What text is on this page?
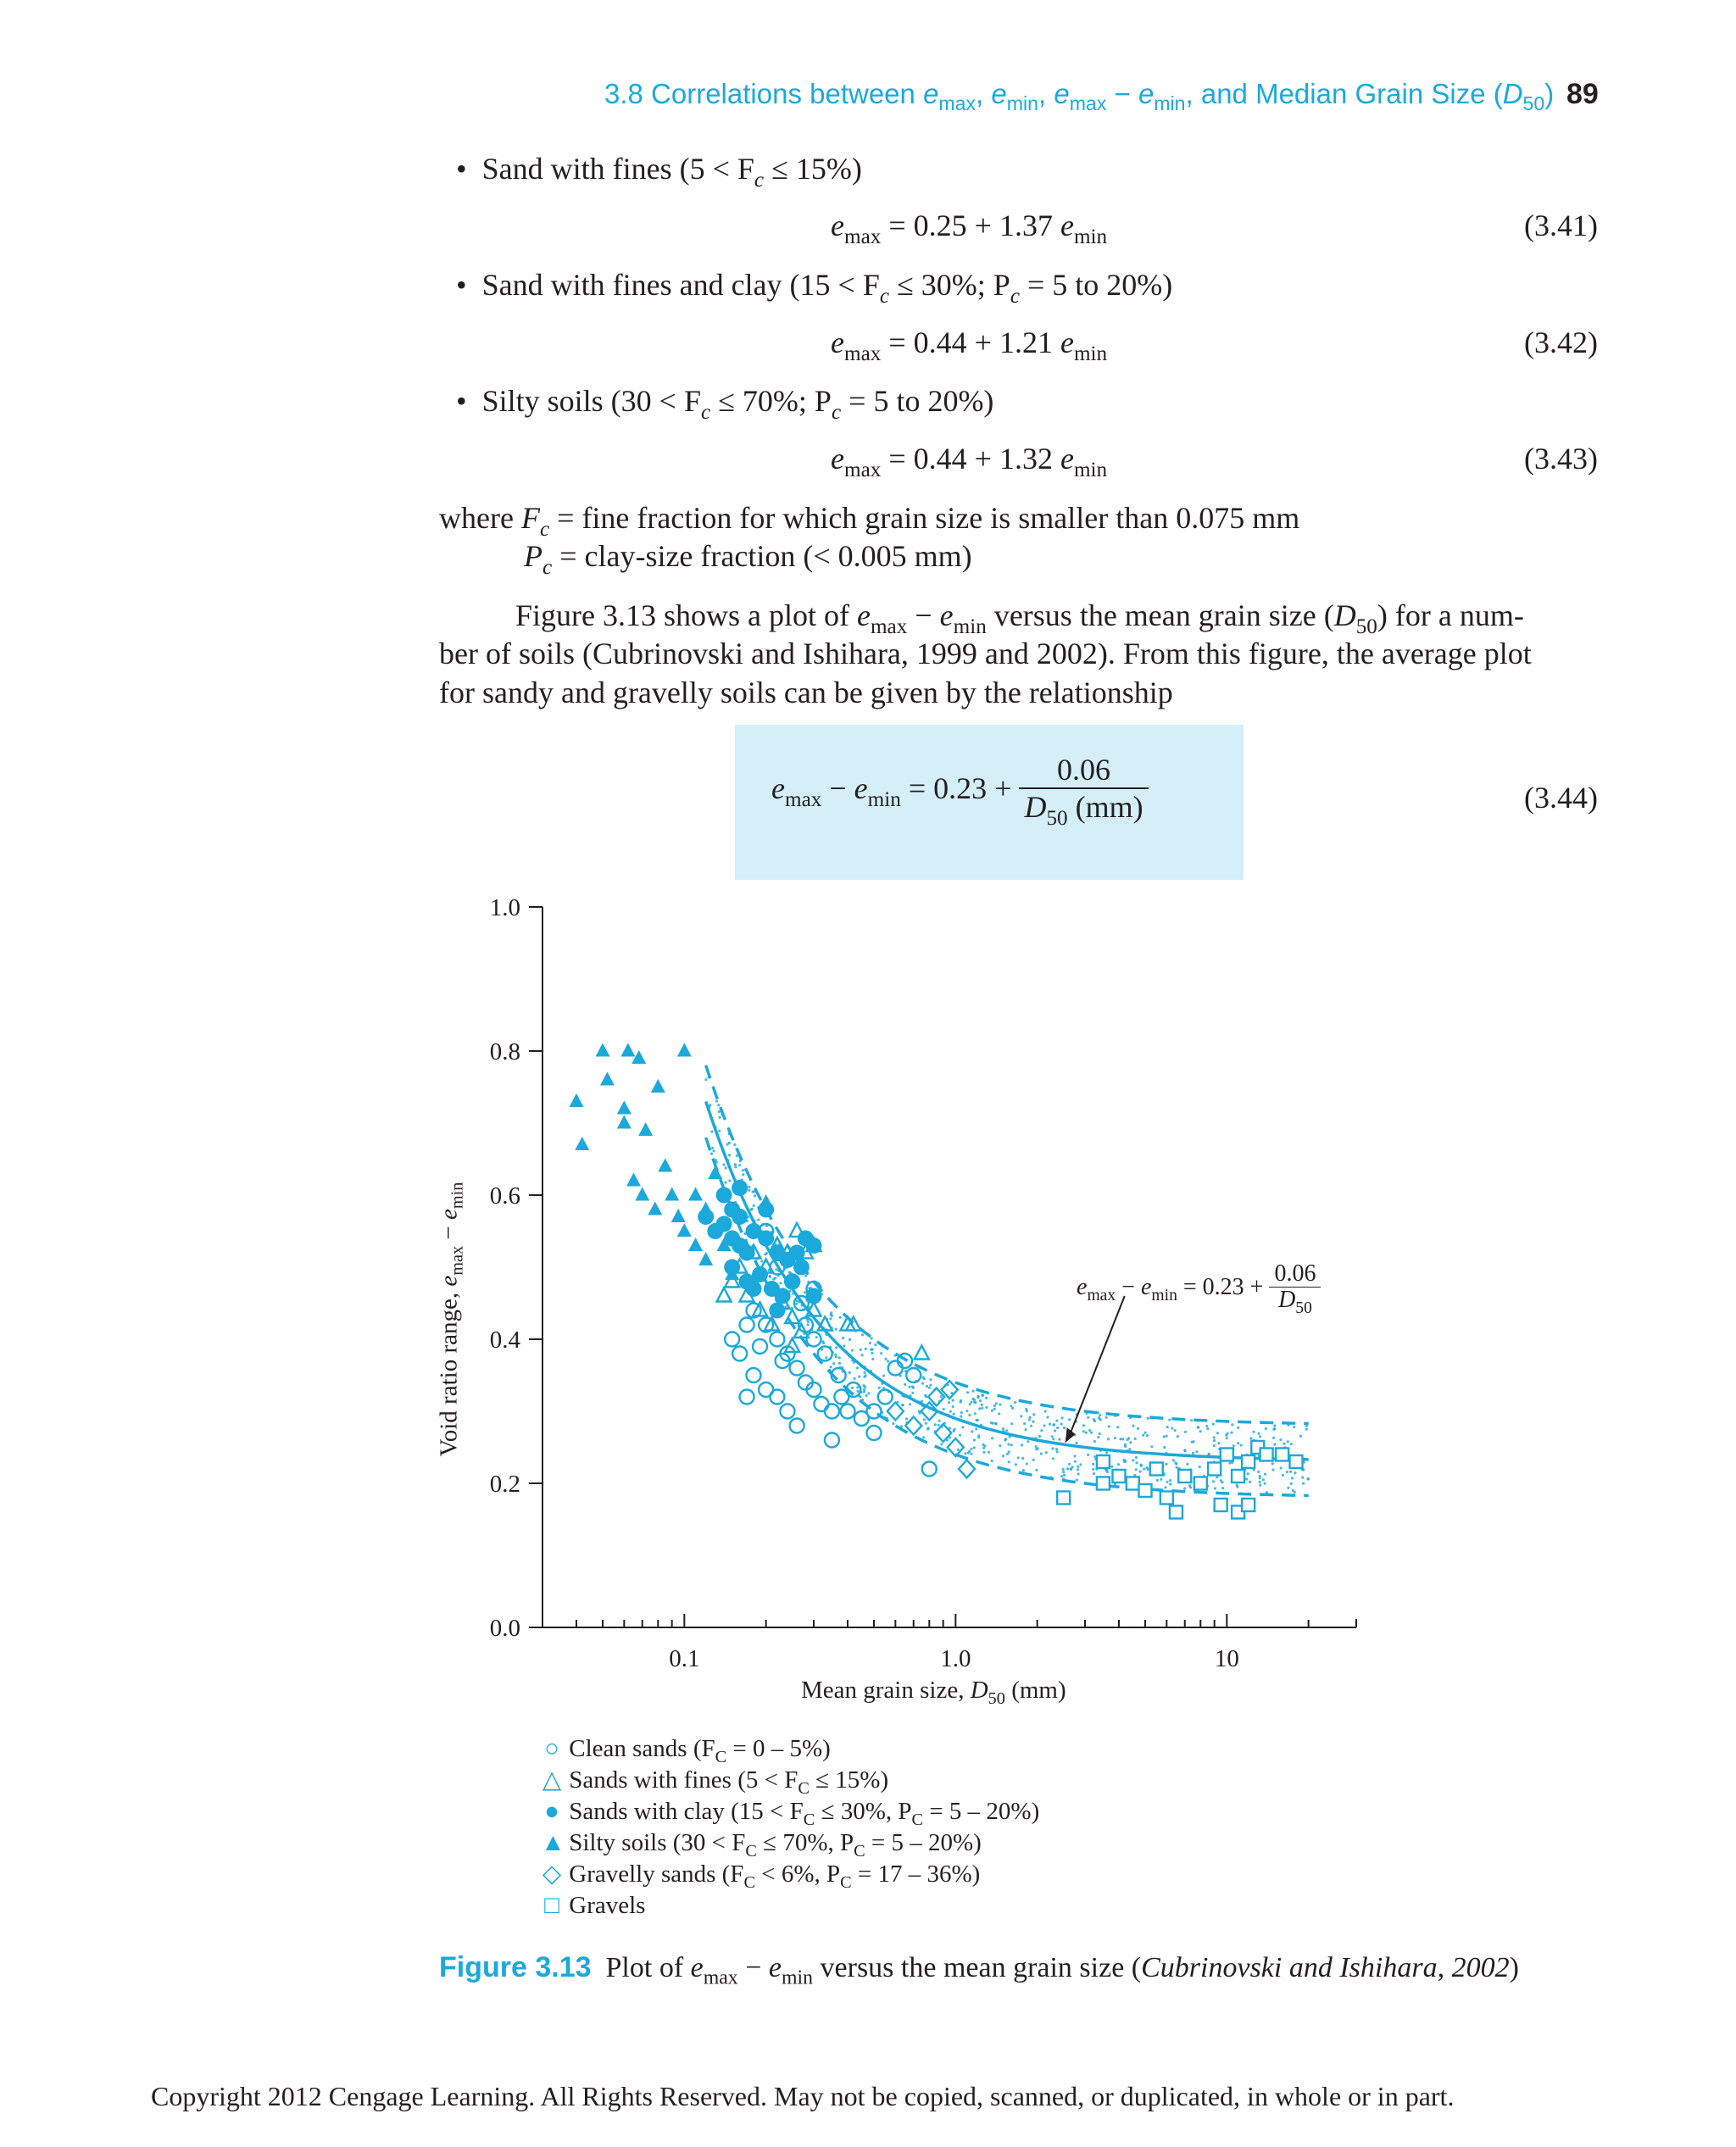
3.8 Correlations between $e_{max}$, $e_{min}$, $e_{max} - e_{min}$, and Median Grain Size $(D_{50})$ 89
• Sand with fines $(5 < F_c \le 15\%)$
$e_{max} = 0.25 + 1.37$ $e_{min}$	(3.41)
• Sand with fines and clay ($15 < F_c \le 30\%$; $P_c = 5$ to 20%)
$e_{max} = 0.44 + 1.21$ $e_{min}$	(3.42)
• Silty soils ($30 < F_c \le 70\%$; $P_c = 5$ to 20%)
$e_{max} = 0.44 + 1.32$ $e_{min}$	(3.43)
where $F_c$ = fine fraction for which grain size is smaller than 0.075 mm
$P_c$ = clay-size fraction (< 0.005 mm)
Figure 3.13 shows a plot of $e_{max} - e_{min}$ versus the mean grain size $(D_{50})$ for a num-
ber of soils (Cubrinovski and Ishihara, 1999 and 2002). From this figure, the average plot
for sandy and gravelly soils can be given by the relationship
$e_{max} - e_{min} = 0.23 + \frac{0.06}{D_{50} (mm)}$	(3.44)
0.0
0.2
0.4
0.6
0.8
1.0
0.1	1.0	10
$e_{max} - e_{min} = 0.23 + \frac{0.06}{D_{50}}$
Mean grain size, $D_{50}$ (mm)
Void ratio range, $e_{max} - e_{min}$
○ Clean sands $(F_C = 0 - 5\%)$
△ Sands with fines $(5 < F_C \le 15\%)$
● Sands with clay ($15 < F_C \le 30\%$, $P_C = 5 - 20\%$)
▲ Silty soils ($30 < F_C \le 70\%$, $P_C = 5 - 20\%$)
◇ Gravelly sands ($F_C < 6\%$, $P_C = 17 - 36\%$)
□ Gravels
Figure 3.13 Plot of $e_{max} - e_{min}$ versus the mean grain size (Cubrinovski and Ishihara, 2002)
Copyright 2012 Cengage Learning. All Rights Reserved. May not be copied, scanned, or duplicated, in whole or in part.
